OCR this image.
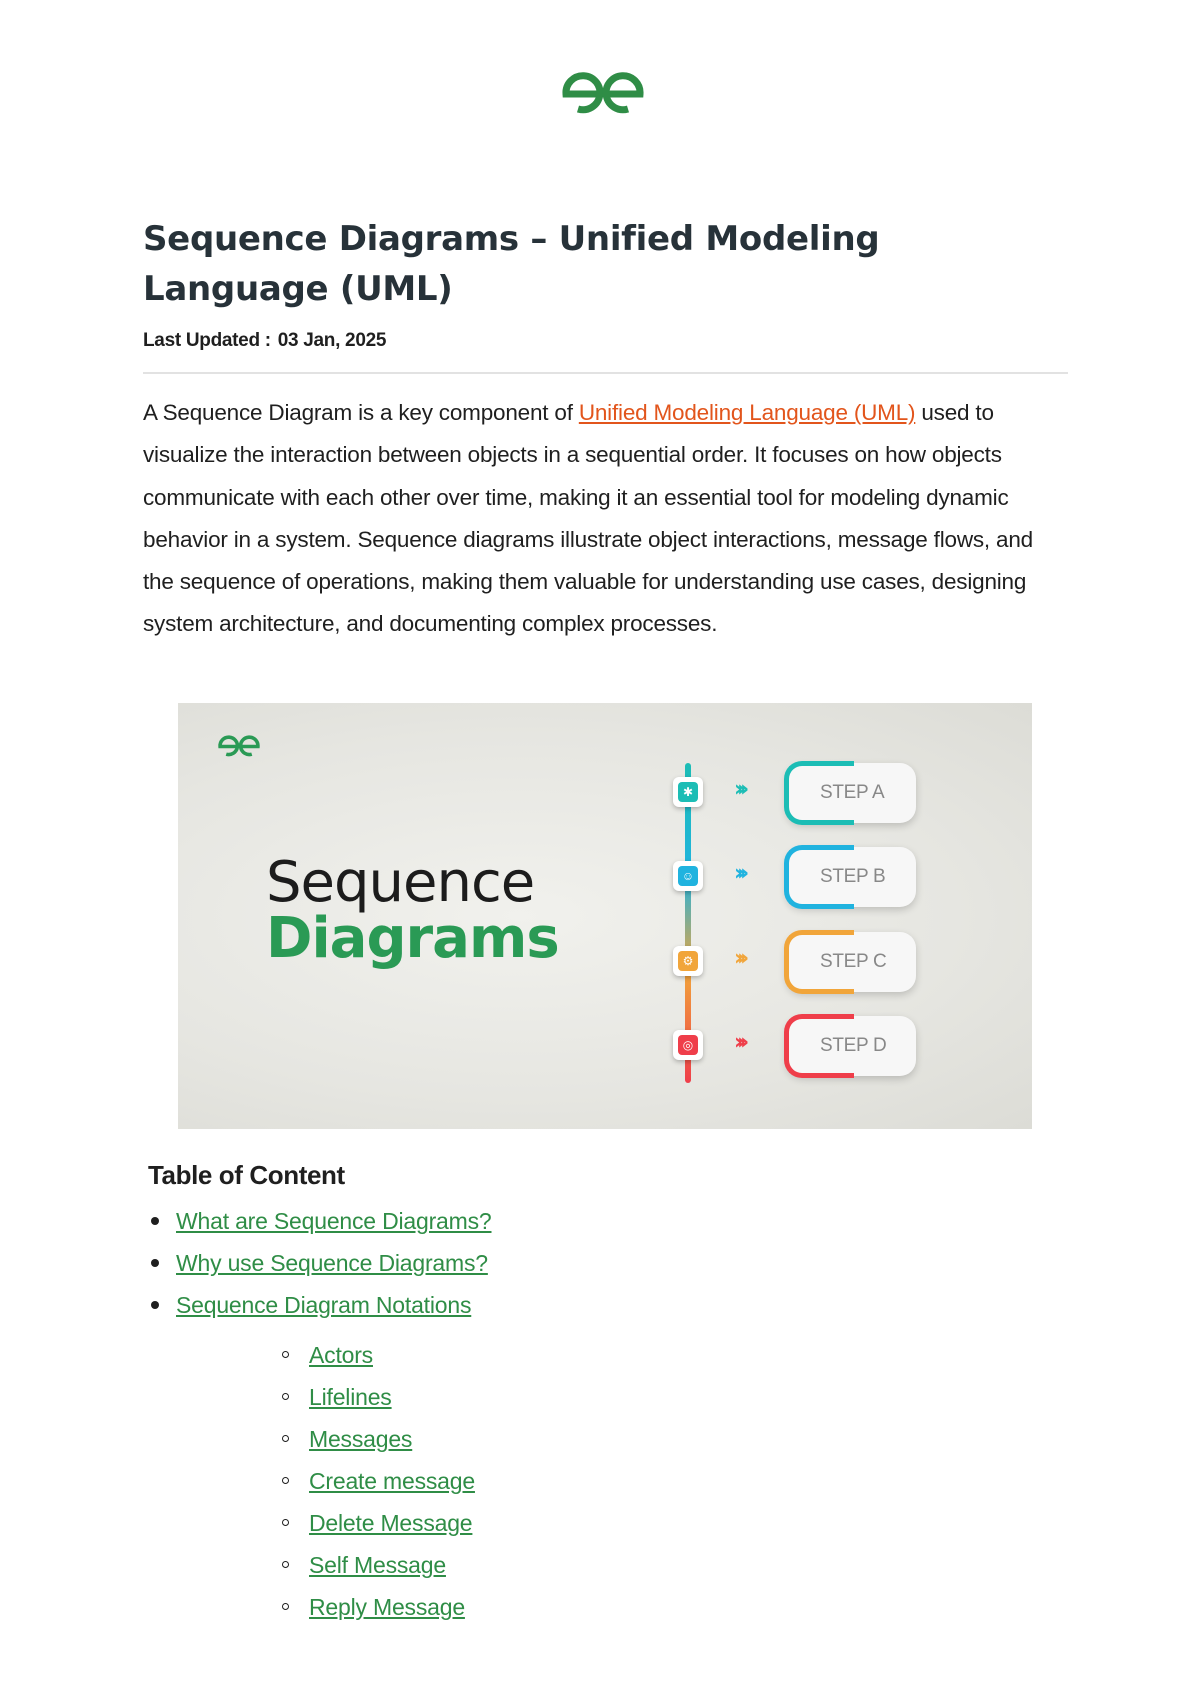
Sequence Diagrams – Unified Modeling Language (UML)
Last Updated : 03 Jan, 2025

A Sequence Diagram is a key component of Unified Modeling Language (UML) used to visualize the interaction between objects in a sequential order. It focuses on how objects communicate with each other over time, making it an essential tool for modeling dynamic behavior in a system. Sequence diagrams illustrate object interactions, message flows, and the sequence of operations, making them valuable for understanding use cases, designing system architecture, and documenting complex processes.

Sequence
Diagrams
✱ ›››	STEP A
☺ ›››	STEP B
⚙ ›››	STEP C
◎ ›››	STEP D
Table of Content
What are Sequence Diagrams?
Why use Sequence Diagrams?
Sequence Diagram Notations
Actors
Lifelines
Messages
Create message
Delete Message
Self Message
Reply Message
